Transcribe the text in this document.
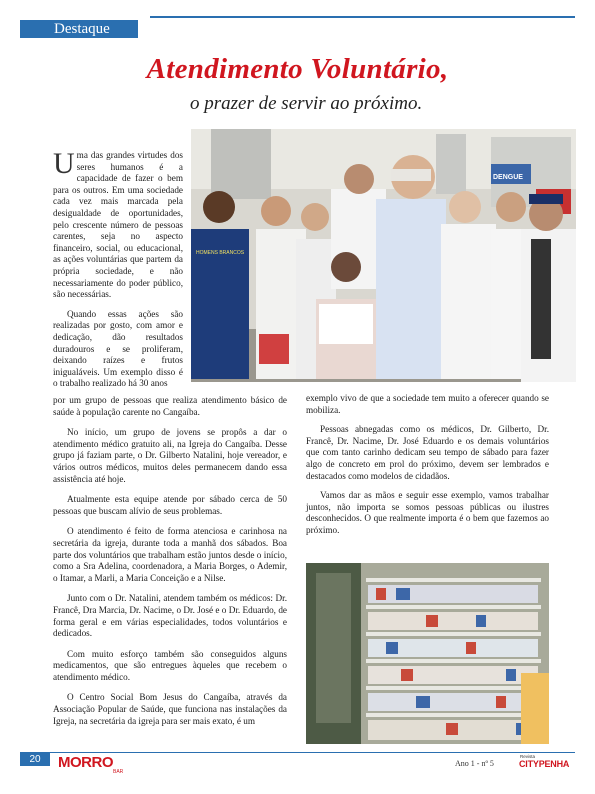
Destaque
Atendimento Voluntário,
o prazer de servir ao próximo.
DENGUE
HOMENS BRANCOS

Uma das grandes virtudes dos seres humanos é a capacidade de fazer o bem para os outros. Em uma sociedade cada vez mais marcada pela desigualdade de oportunidades, pelo crescente número de pessoas carentes, seja no aspecto financeiro, social, ou educacional, as ações voluntárias que partem da própria sociedade, e não necessariamente do poder público, são necessárias.

Quando essas ações são realizadas por gosto, com amor e dedicação, dão resultados duradouros e se proliferam, deixando raízes e frutos inigualáveis. Um exemplo disso é o trabalho realizado há 30 anos

por um grupo de pessoas que realiza atendimento básico de saúde à população carente no Cangaíba.

No início, um grupo de jovens se propôs a dar o atendimento médico gratuito ali, na Igreja do Cangaíba. Desse grupo já faziam parte, o Dr. Gilberto Natalini, hoje vereador, e vários outros médicos, muitos deles permanecem dando essa assistência até hoje.

Atualmente esta equipe atende por sábado cerca de 50 pessoas que buscam alívio de seus problemas.

O atendimento é feito de forma atenciosa e carinhosa na secretária da igreja, durante toda a manhã dos sábados. Boa parte dos voluntários que trabalham estão juntos desde o início, como a Sra Adelina, coordenadora, a Maria Borges, o Ademir, o Itamar, a Marli, a Maria Conceição e a Nilse.

Junto com o Dr. Natalini, atendem também os médicos: Dr. Francê, Dra Marcia, Dr. Nacime, o Dr. José e o Dr. Eduardo, de forma geral e em várias especialidades, todos voluntários e dedicados.

Com muito esforço também são conseguidos alguns medicamentos, que são entregues àqueles que recebem o atendimento médico.

O Centro Social Bom Jesus do Cangaíba, através da Associação Popular de Saúde, que funciona nas instalações da Igreja, na secretária da igreja para ser mais exato, é um

exemplo vivo de que a sociedade tem muito a oferecer quando se mobiliza.

Pessoas abnegadas como os médicos, Dr. Gilberto, Dr. Francê, Dr. Nacime, Dr. José Eduardo e os demais voluntários que com tanto carinho dedicam seu tempo de sábado para fazer algo de concreto em prol do próximo, devem ser lembrados e destacados como modelos de cidadãos.

Vamos dar as mãos e seguir esse exemplo, vamos trabalhar juntos, não importa se somos pessoas públicas ou ilustres desconhecidos. O que realmente importa é o bem que fazemos ao próximo.

20	MORRO
BAR
Ano 1 - nº 5
Revista
CITYPENHA
